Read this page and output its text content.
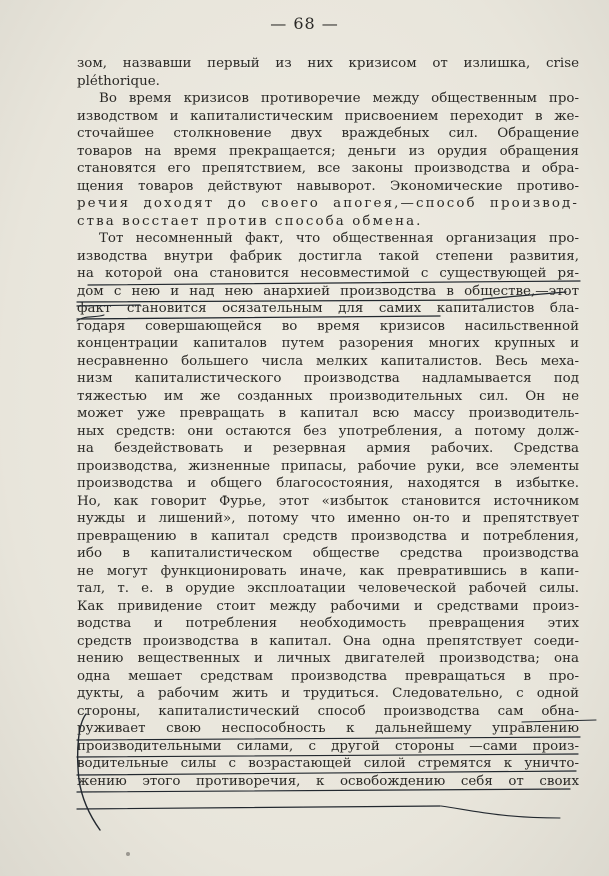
— 68 —
зом, назвавши первый из них кризисом от излишка, crise
pléthorique.
Во время кризисов противоречие между общественным про-
изводством и капиталистическим присвоением переходит в же-
сточайшее столкновение двух враждебных сил. Обращение
товаров на время прекращается; деньги из орудия обращения
становятся его препятствием, все законы производства и обра-
щения товаров действуют навыворот. Экономические противо-
речия доходят до своего апогея,—способ производ-
ства восстает против способа обмена.
Тот несомненный факт, что общественная организация про-
изводства внутри фабрик достигла такой степени развития,
на которой она становится несовместимой с существующей ря-
дом с нею и над нею анархией производства в обществе,—этот
факт становится осязательным для самих капиталистов бла-
годаря совершающейся во время кризисов насильственной
концентрации капиталов путем разорения многих крупных и
несравненно большего числа мелких капиталистов. Весь меха-
низм капиталистического производства надламывается под
тяжестью им же созданных производительных сил. Он не
может уже превращать в капитал всю массу производитель-
ных средств: они остаются без употребления, а потому долж-
на бездействовать и резервная армия рабочих. Средства
производства, жизненные припасы, рабочие руки, все элементы
производства и общего благосостояния, находятся в избытке.
Но, как говорит Фурье, этот «избыток становится источником
нужды и лишений», потому что именно он-то и препятствует
превращению в капитал средств производства и потребления,
ибо в капиталистическом обществе средства производства
не могут функционировать иначе, как превратившись в капи-
тал, т. е. в орудие эксплоатации человеческой рабочей силы.
Как привидение стоит между рабочими и средствами произ-
водства и потребления необходимость превращения этих
средств производства в капитал. Она одна препятствует соеди-
нению вещественных и личных двигателей производства; она
одна мешает средствам производства превращаться в про-
дукты, а рабочим жить и трудиться. Следовательно, с одной
стороны, капиталистический способ производства сам обна-
руживает свою неспособность к дальнейшему управлению
производительными силами, с другой стороны —сами произ-
водительные силы с возрастающей силой стремятся к уничто-
жению этого противоречия, к освобождению себя от своих
